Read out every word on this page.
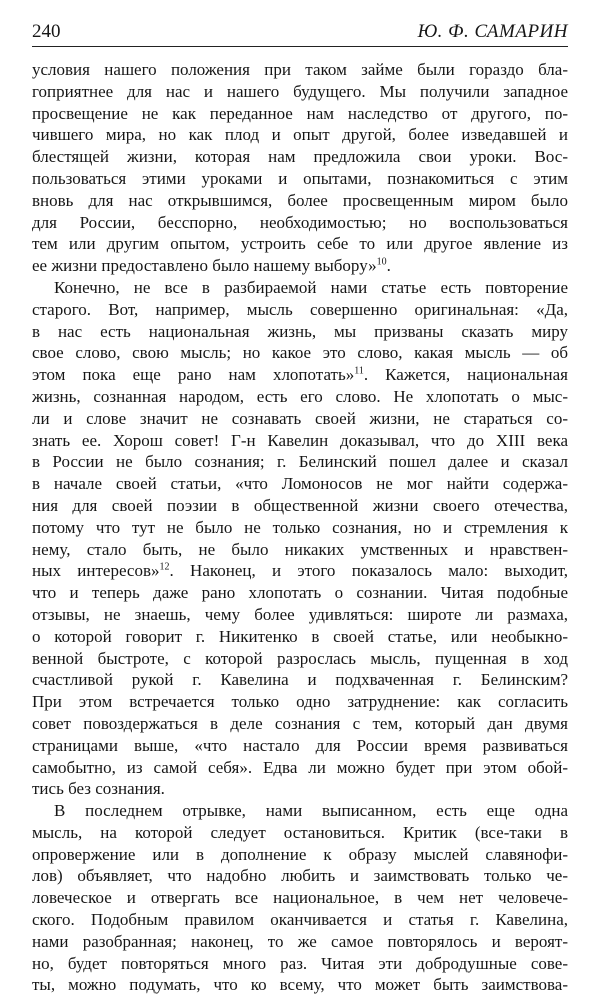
240	Ю. Ф. САМАРИН
условия нашего положения при таком займе были гораздо бла-
гоприятнее для нас и нашего будущего. Мы получили западное
просвещение не как переданное нам наследство от другого, по-
чившего мира, но как плод и опыт другой, более изведавшей и
блестящей жизни, которая нам предложила свои уроки. Вос-
пользоваться этими уроками и опытами, познакомиться с этим
вновь для нас открывшимся, более просвещенным миром было
для России, бесспорно, необходимостью; но воспользоваться
тем или другим опытом, устроить себе то или другое явление из
ее жизни предоставлено было нашему выбору»$^{10}$.
Конечно, не все в разбираемой нами статье есть повторение
старого. Вот, например, мысль совершенно оригинальная: «Да,
в нас есть национальная жизнь, мы призваны сказать миру
свое слово, свою мысль; но какое это слово, какая мысль — об
этом пока еще рано нам хлопотать»$^{11}$. Кажется, национальная
жизнь, сознанная народом, есть его слово. Не хлопотать о мыс-
ли и слове значит не сознавать своей жизни, не стараться со-
знать ее. Хорош совет! Г-н Кавелин доказывал, что до XIII века
в России не было сознания; г. Белинский пошел далее и сказал
в начале своей статьи, «что Ломоносов не мог найти содержа-
ния для своей поэзии в общественной жизни своего отечества,
потому что тут не было не только сознания, но и стремления к
нему, стало быть, не было никаких умственных и нравствен-
ных интересов»$^{12}$. Наконец, и этого показалось мало: выходит,
что и теперь даже рано хлопотать о сознании. Читая подобные
отзывы, не знаешь, чему более удивляться: широте ли размаха,
о которой говорит г. Никитенко в своей статье, или необыкно-
венной быстроте, с которой разрослась мысль, пущенная в ход
счастливой рукой г. Кавелина и подхваченная г. Белинским?
При этом встречается только одно затруднение: как согласить
совет повоздержаться в деле сознания с тем, который дан двумя
страницами выше, «что настало для России время развиваться
самобытно, из самой себя». Едва ли можно будет при этом обой-
тись без сознания.
В последнем отрывке, нами выписанном, есть еще одна
мысль, на которой следует остановиться. Критик (все-таки в
опровержение или в дополнение к образу мыслей славянофи-
лов) объявляет, что надобно любить и заимствовать только че-
ловеческое и отвергать все национальное, в чем нет человече-
ского. Подобным правилом оканчивается и статья г. Кавелина,
нами разобранная; наконец, то же самое повторялось и вероят-
но, будет повторяться много раз. Читая эти добродушные сове-
ты, можно подумать, что ко всему, что может быть заимствова-
